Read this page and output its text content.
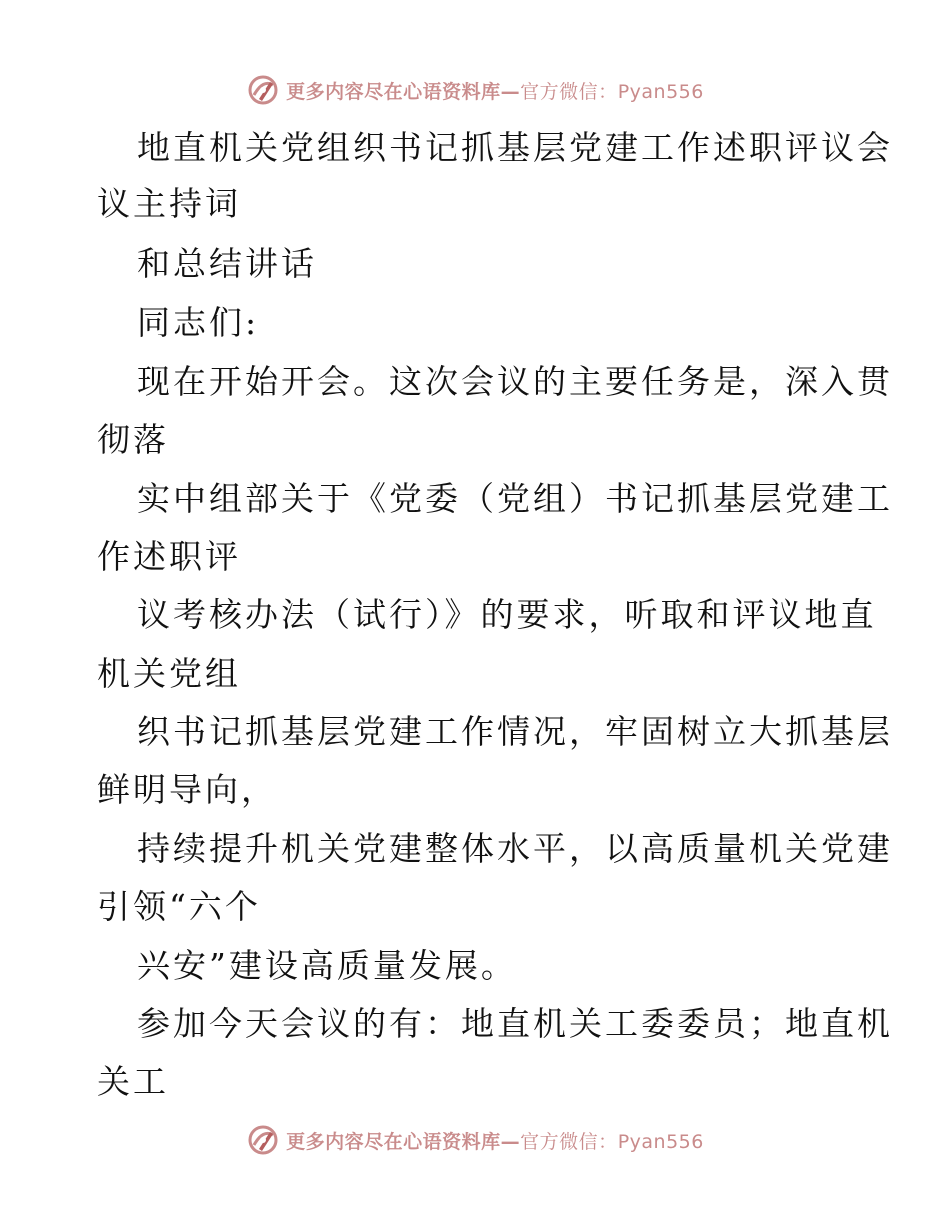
更多内容尽在心语资料库—官方微信：Pyan556
地直机关党组织书记抓基层党建工作述职评议会
议主持词
和总结讲话
同志们:
现在开始开会。这次会议的主要任务是，深入贯
彻落
实中组部关于《党委（党组）书记抓基层党建工
作述职评
议考核办法（试行）》的要求，听取和评议地直
机关党组
织书记抓基层党建工作情况，牢固树立大抓基层
鲜明导向，
持续提升机关党建整体水平，以高质量机关党建
引领“六个
兴安”建设高质量发展。
参加今天会议的有：地直机关工委委员；地直机
关工
更多内容尽在心语资料库—官方微信：Pyan556
